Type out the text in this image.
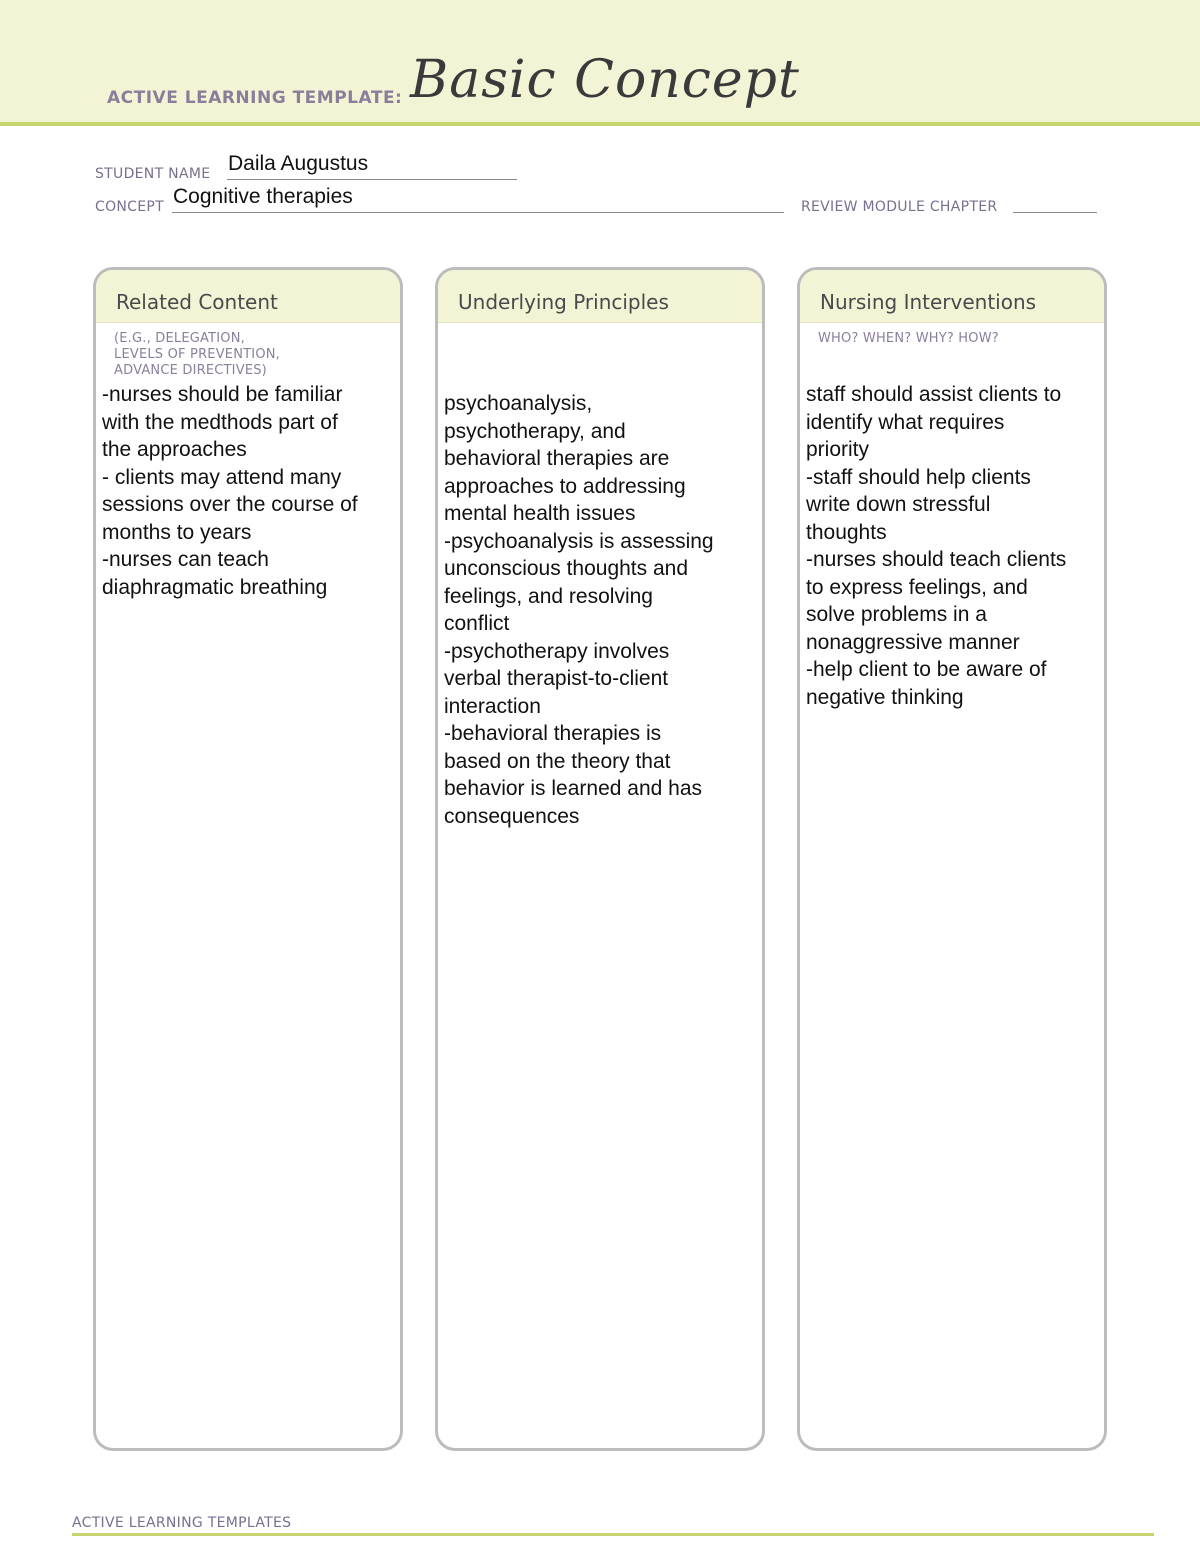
ACTIVE LEARNING TEMPLATE: Basic Concept
STUDENT NAME Daila Augustus
CONCEPT Cognitive therapies	REVIEW MODULE CHAPTER
Related Content
(E.G., DELEGATION,
LEVELS OF PREVENTION,
ADVANCE DIRECTIVES)
-nurses should be familiar
with the medthods part of
the approaches
- clients may attend many
sessions over the course of
months to years
-nurses can teach
diaphragmatic breathing
Underlying Principles
psychoanalysis,
psychotherapy, and
behavioral therapies are
approaches to addressing
mental health issues
-psychoanalysis is assessing
unconscious thoughts and
feelings, and resolving
conflict
-psychotherapy involves
verbal therapist-to-client
interaction
-behavioral therapies is
based on the theory that
behavior is learned and has
consequences
Nursing Interventions
WHO? WHEN? WHY? HOW?
staff should assist clients to
identify what requires
priority
-staff should help clients
write down stressful
thoughts
-nurses should teach clients
to express feelings, and
solve problems in a
nonaggressive manner
-help client to be aware of
negative thinking
ACTIVE LEARNING TEMPLATES
